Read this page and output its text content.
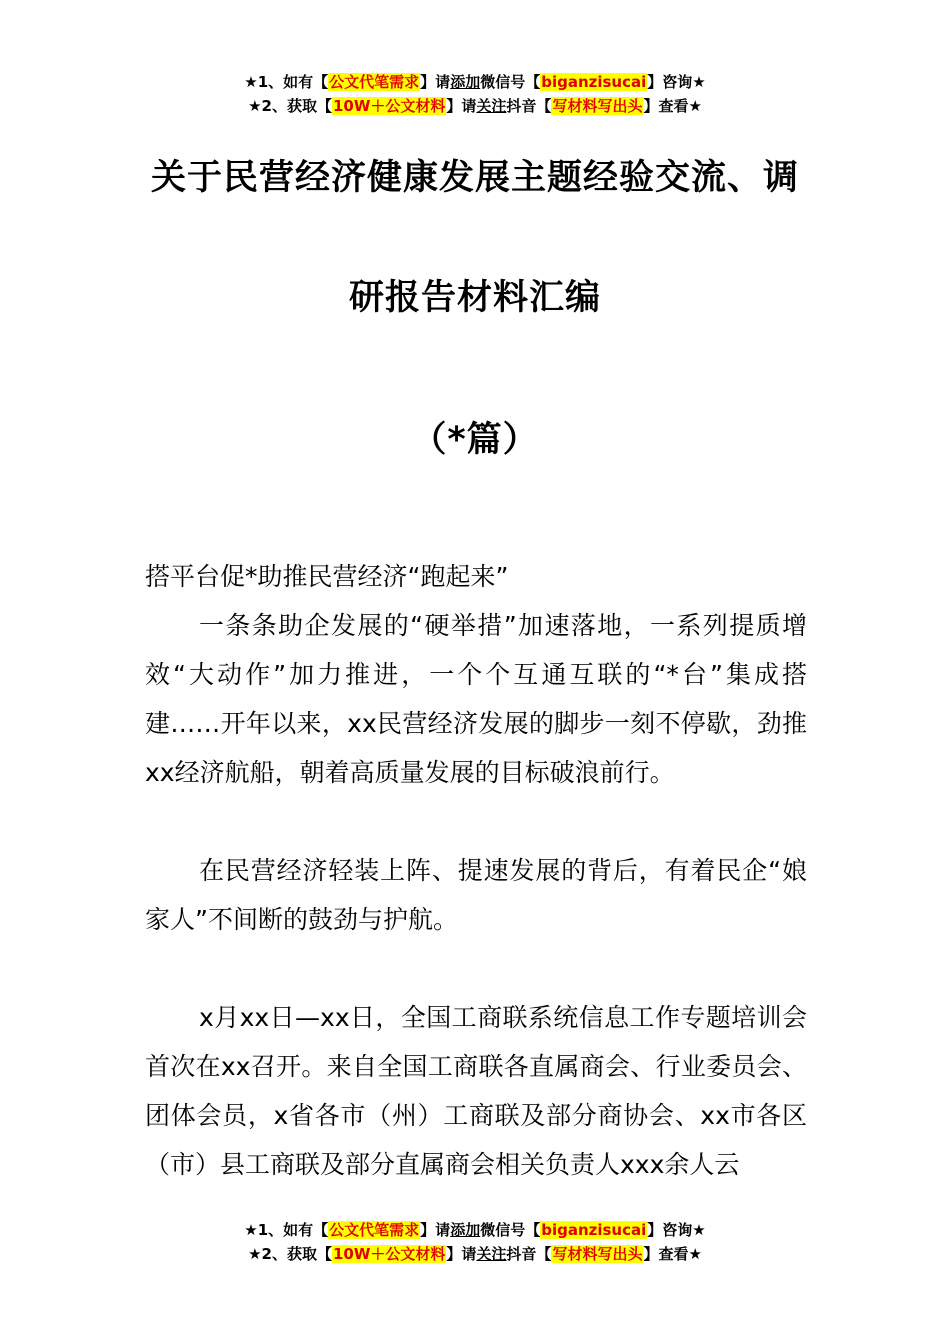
★1、如有【公文代笔需求】请添加微信号【biganzisucai】咨询★
★2、获取【10W＋公文材料】请关注抖音【写材料写出头】查看★
关于民营经济健康发展主题经验交流、调
研报告材料汇编
（*篇）

搭平台促*助推民营经济“跑起来”

一条条助企发展的“硬举措”加速落地，一系列提质增效“大动作”加力推进，一个个互通互联的“*台”集成搭建……开年以来，xx民营经济发展的脚步一刻不停歇，劲推xx经济航船，朝着高质量发展的目标破浪前行。

在民营经济轻装上阵、提速发展的背后，有着民企“娘家人”不间断的鼓劲与护航。

x月xx日—xx日，全国工商联系统信息工作专题培训会首次在xx召开。来自全国工商联各直属商会、行业委员会、团体会员，x省各市（州）工商联及部分商协会、xx市各区（市）县工商联及部分直属商会相关负责人xxx余人云

★1、如有【公文代笔需求】请添加微信号【biganzisucai】咨询★
★2、获取【10W＋公文材料】请关注抖音【写材料写出头】查看★
